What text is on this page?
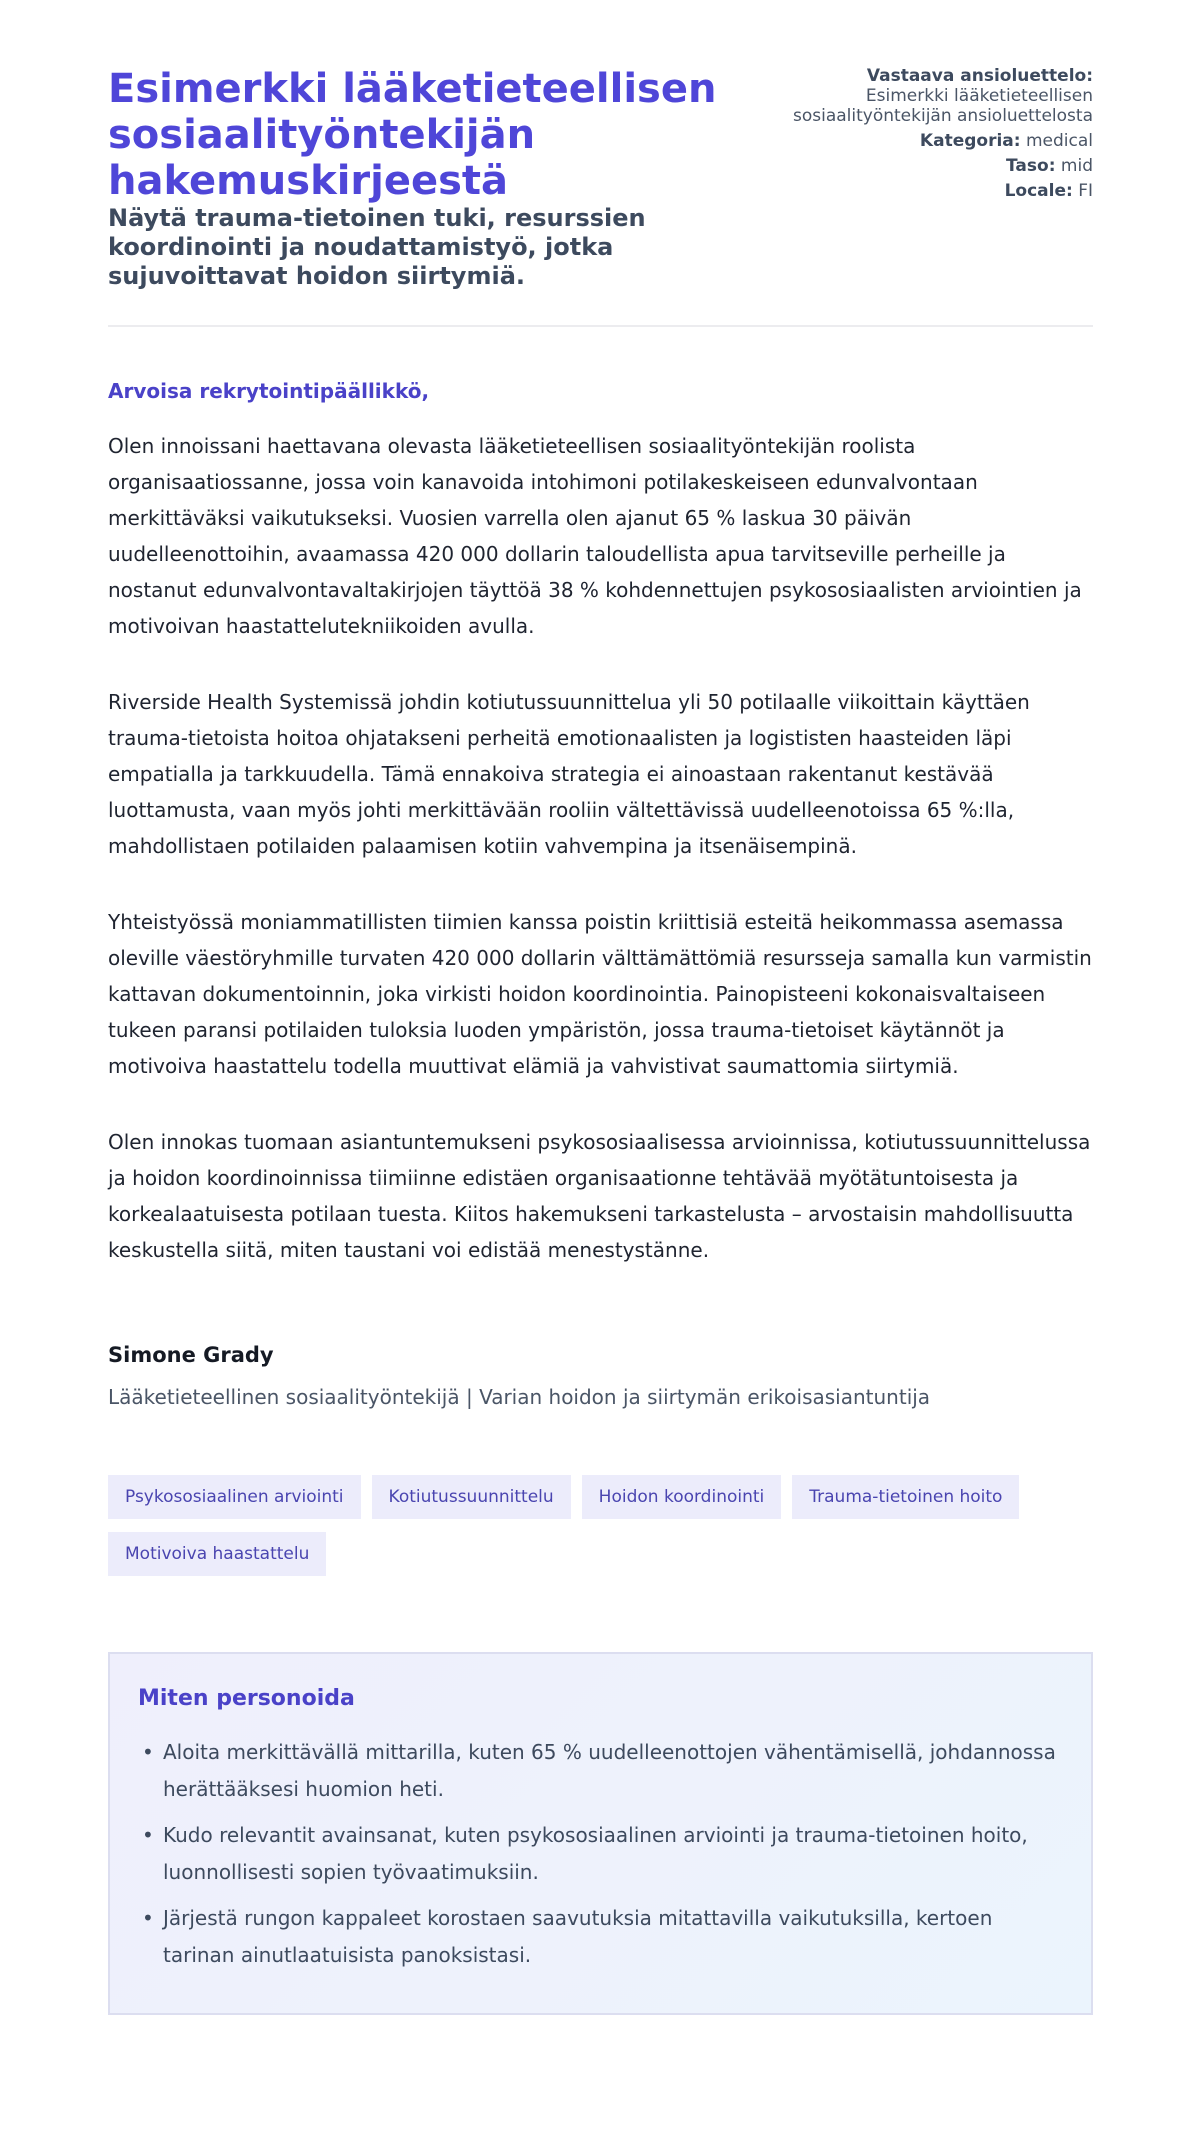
Esimerkki lääketieteellisen sosiaalityöntekijän hakemuskirjeestä
Näytä trauma-tietoinen tuki, resurssien koordinointi ja noudattamistyö, jotka sujuvoittavat hoidon siirtymiä.
Vastaava ansioluettelo:
Esimerkki lääketieteellisen sosiaalityöntekijän ansioluettelosta
Kategoria: medical
Taso: mid
Locale: FI

Arvoisa rekrytointipäällikkö,

Olen innoissani haettavana olevasta lääketieteellisen sosiaalityöntekijän roolista organisaatiossanne, jossa voin kanavoida intohimoni potilakeskeiseen edunvalvontaan merkittäväksi vaikutukseksi. Vuosien varrella olen ajanut 65 % laskua 30 päivän uudelleenottoihin, avaamassa 420 000 dollarin taloudellista apua tarvitseville perheille ja nostanut edunvalvontavaltakirjojen täyttöä 38 % kohdennettujen psykososiaalisten arviointien ja motivoivan haastattelutekniikoiden avulla.

Riverside Health Systemissä johdin kotiutussuunnittelua yli 50 potilaalle viikoittain käyttäen trauma-tietoista hoitoa ohjatakseni perheitä emotionaalisten ja logististen haasteiden läpi empatialla ja tarkkuudella. Tämä ennakoiva strategia ei ainoastaan rakentanut kestävää luottamusta, vaan myös johti merkittävään rooliin vältettävissä uudelleenotoissa 65 %:lla, mahdollistaen potilaiden palaamisen kotiin vahvempina ja itsenäisempinä.

Yhteistyössä moniammatillisten tiimien kanssa poistin kriittisiä esteitä heikommassa asemassa oleville väestöryhmille turvaten 420 000 dollarin välttämättömiä resursseja samalla kun varmistin kattavan dokumentoinnin, joka virkisti hoidon koordinointia. Painopisteeni kokonaisvaltaiseen tukeen paransi potilaiden tuloksia luoden ympäristön, jossa trauma-tietoiset käytännöt ja motivoiva haastattelu todella muuttivat elämiä ja vahvistivat saumattomia siirtymiä.

Olen innokas tuomaan asiantuntemukseni psykososiaalisessa arvioinnissa, kotiutussuunnittelussa ja hoidon koordinoinnissa tiimiinne edistäen organisaationne tehtävää myötätuntoisesta ja korkealaatuisesta potilaan tuesta. Kiitos hakemukseni tarkastelusta – arvostaisin mahdollisuutta keskustella siitä, miten taustani voi edistää menestystänne.

Simone Grady
Lääketieteellinen sosiaalityöntekijä | Varian hoidon ja siirtymän erikoisasiantuntija
Psykososiaalinen arviointi	Kotiutussuunnittelu	Hoidon koordinointi	Trauma-tietoinen hoito
Motivoiva haastattelu
Miten personoida
• Aloita merkittävällä mittarilla, kuten 65 % uudelleenottojen vähentämisellä, johdannossa herättääksesi huomion heti.
• Kudo relevantit avainsanat, kuten psykososiaalinen arviointi ja trauma-tietoinen hoito, luonnollisesti sopien työvaatimuksiin.
• Järjestä rungon kappaleet korostaen saavutuksia mitattavilla vaikutuksilla, kertoen tarinan ainutlaatuisista panoksistasi.
